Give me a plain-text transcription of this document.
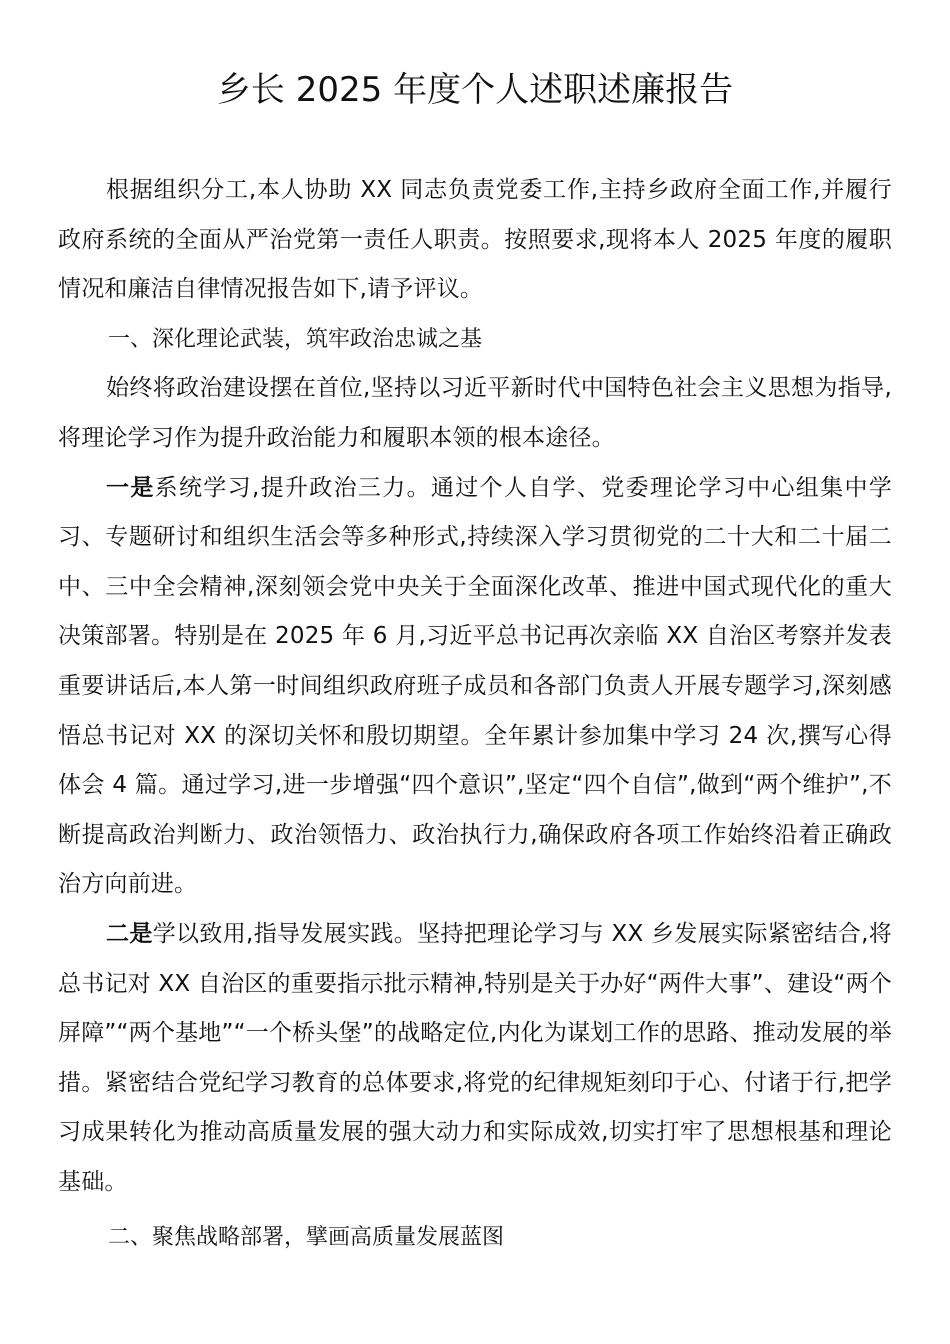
乡长 2025 年度个人述职述廉报告

根据组织分工,本人协助 XX 同志负责党委工作,主持乡政府全面工作,并履行政府系统的全面从严治党第一责任人职责。按照要求,现将本人 2025 年度的履职情况和廉洁自律情况报告如下,请予评议。

一、深化理论武装，筑牢政治忠诚之基

始终将政治建设摆在首位,坚持以习近平新时代中国特色社会主义思想为指导,将理论学习作为提升政治能力和履职本领的根本途径。

一是系统学习,提升政治三力。通过个人自学、党委理论学习中心组集中学习、专题研讨和组织生活会等多种形式,持续深入学习贯彻党的二十大和二十届二中、三中全会精神,深刻领会党中央关于全面深化改革、推进中国式现代化的重大决策部署。特别是在 2025 年 6 月,习近平总书记再次亲临 XX 自治区考察并发表重要讲话后,本人第一时间组织政府班子成员和各部门负责人开展专题学习,深刻感悟总书记对 XX 的深切关怀和殷切期望。全年累计参加集中学习 24 次,撰写心得体会 4 篇。通过学习,进一步增强“四个意识”,坚定“四个自信”,做到“两个维护”,不断提高政治判断力、政治领悟力、政治执行力,确保政府各项工作始终沿着正确政治方向前进。

二是学以致用,指导发展实践。坚持把理论学习与 XX 乡发展实际紧密结合,将总书记对 XX 自治区的重要指示批示精神,特别是关于办好“两件大事”、建设“两个屏障”“两个基地”“一个桥头堡”的战略定位,内化为谋划工作的思路、推动发展的举措。紧密结合党纪学习教育的总体要求,将党的纪律规矩刻印于心、付诸于行,把学习成果转化为推动高质量发展的强大动力和实际成效,切实打牢了思想根基和理论基础。

二、聚焦战略部署，擘画高质量发展蓝图
